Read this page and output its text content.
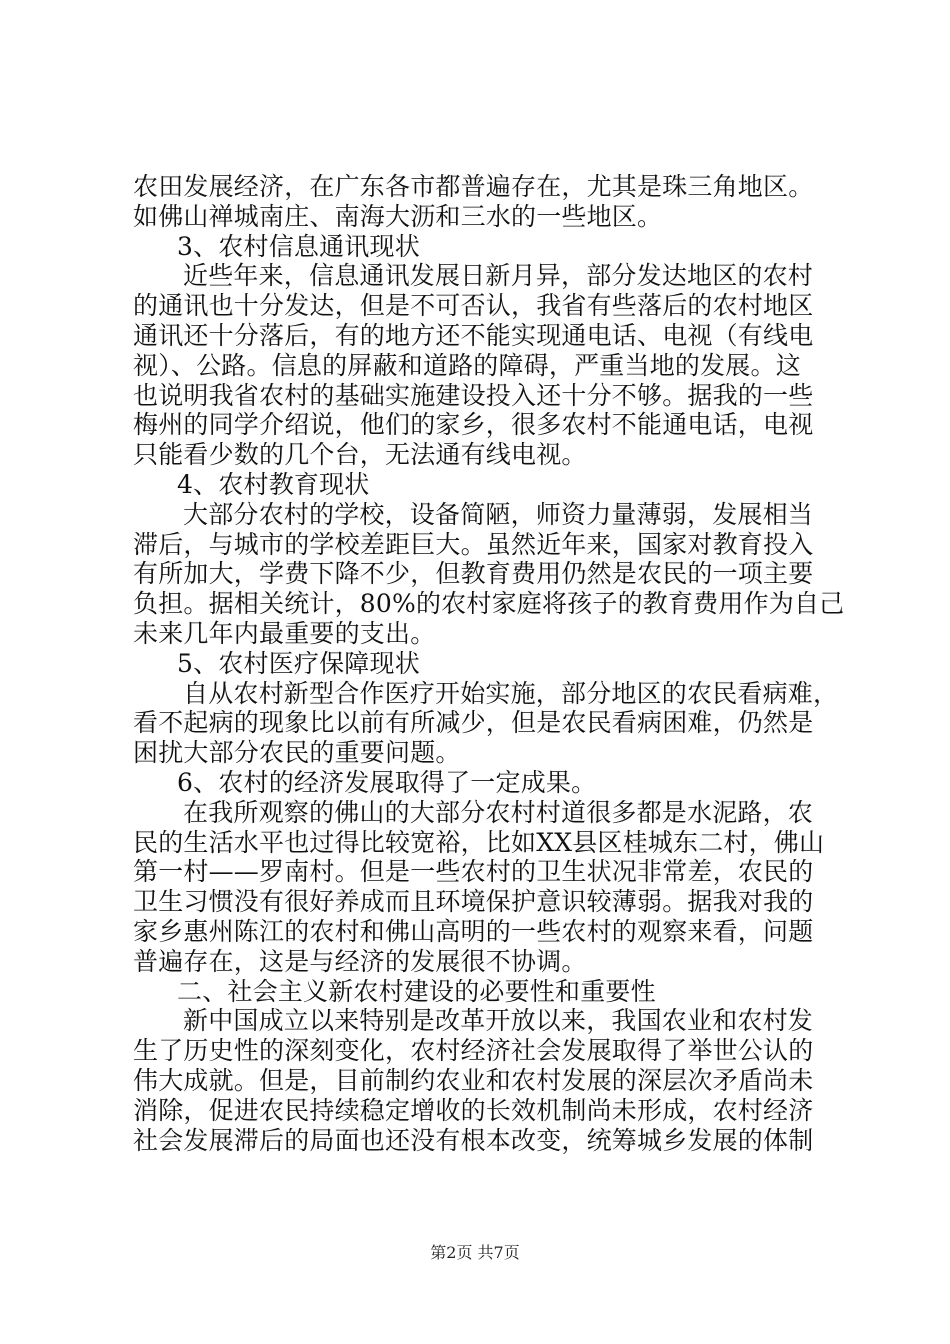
农田发展经济，在广东各市都普遍存在，尤其是珠三角地区。
如佛山禅城南庄、南海大沥和三水的一些地区。
3、农村信息通讯现状
近些年来，信息通讯发展日新月异，部分发达地区的农村
的通讯也十分发达，但是不可否认，我省有些落后的农村地区
通讯还十分落后，有的地方还不能实现通电话、电视（有线电
视）、公路。信息的屏蔽和道路的障碍，严重当地的发展。这
也说明我省农村的基础实施建设投入还十分不够。据我的一些
梅州的同学介绍说，他们的家乡，很多农村不能通电话，电视
只能看少数的几个台，无法通有线电视。
4、农村教育现状
大部分农村的学校，设备简陋，师资力量薄弱，发展相当
滞后，与城市的学校差距巨大。虽然近年来，国家对教育投入
有所加大，学费下降不少，但教育费用仍然是农民的一项主要
负担。据相关统计，80%的农村家庭将孩子的教育费用作为自己
未来几年内最重要的支出。
5、农村医疗保障现状
自从农村新型合作医疗开始实施，部分地区的农民看病难，
看不起病的现象比以前有所减少，但是农民看病困难，仍然是
困扰大部分农民的重要问题。
6、农村的经济发展取得了一定成果。
在我所观察的佛山的大部分农村村道很多都是水泥路，农
民的生活水平也过得比较宽裕，比如XX县区桂城东二村，佛山
第一村——罗南村。但是一些农村的卫生状况非常差，农民的
卫生习惯没有很好养成而且环境保护意识较薄弱。据我对我的
家乡惠州陈江的农村和佛山高明的一些农村的观察来看，问题
普遍存在，这是与经济的发展很不协调。
二、社会主义新农村建设的必要性和重要性
新中国成立以来特别是改革开放以来，我国农业和农村发
生了历史性的深刻变化，农村经济社会发展取得了举世公认的
伟大成就。但是，目前制约农业和农村发展的深层次矛盾尚未
消除，促进农民持续稳定增收的长效机制尚未形成，农村经济
社会发展滞后的局面也还没有根本改变，统筹城乡发展的体制
第2页 共7页
